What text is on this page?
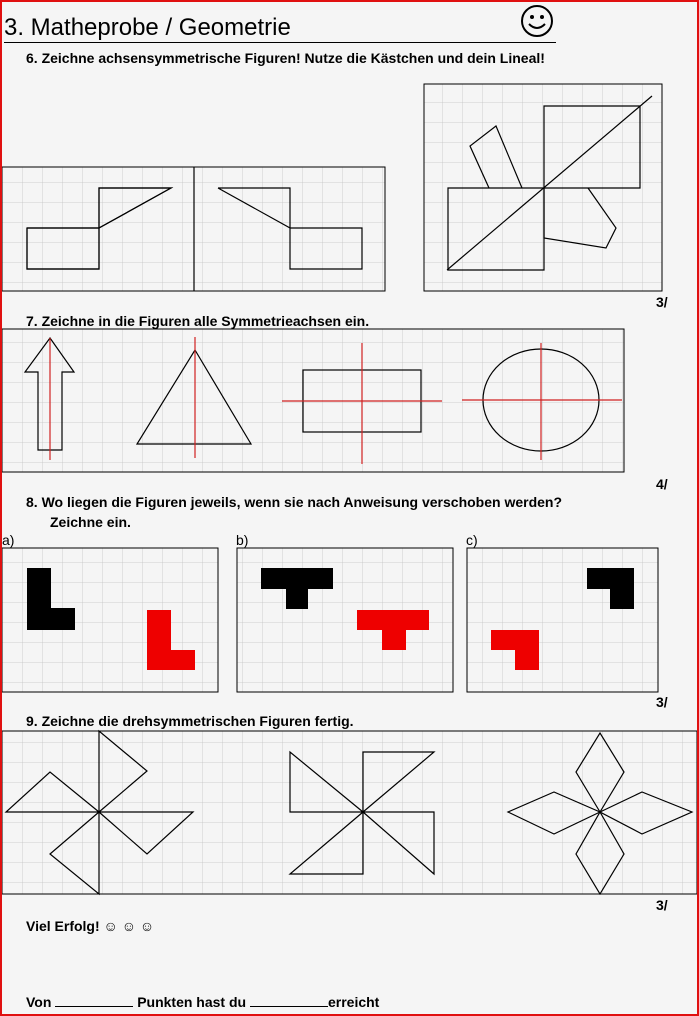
3. Matheprobe / Geometrie
6. Zeichne achsensymmetrische Figuren! Nutze die Kästchen und dein Lineal!
7. Zeichne in die Figuren alle Symmetrieachsen ein.
8. Wo liegen die Figuren jeweils, wenn sie nach Anweisung verschoben werden?
Zeichne ein.
9. Zeichne die drehsymmetrischen Figuren fertig.
3/
4/
3/
3/
a)	b)	c)
Viel Erfolg! ☺ ☺ ☺
Von	Punkten hast du	erreicht
